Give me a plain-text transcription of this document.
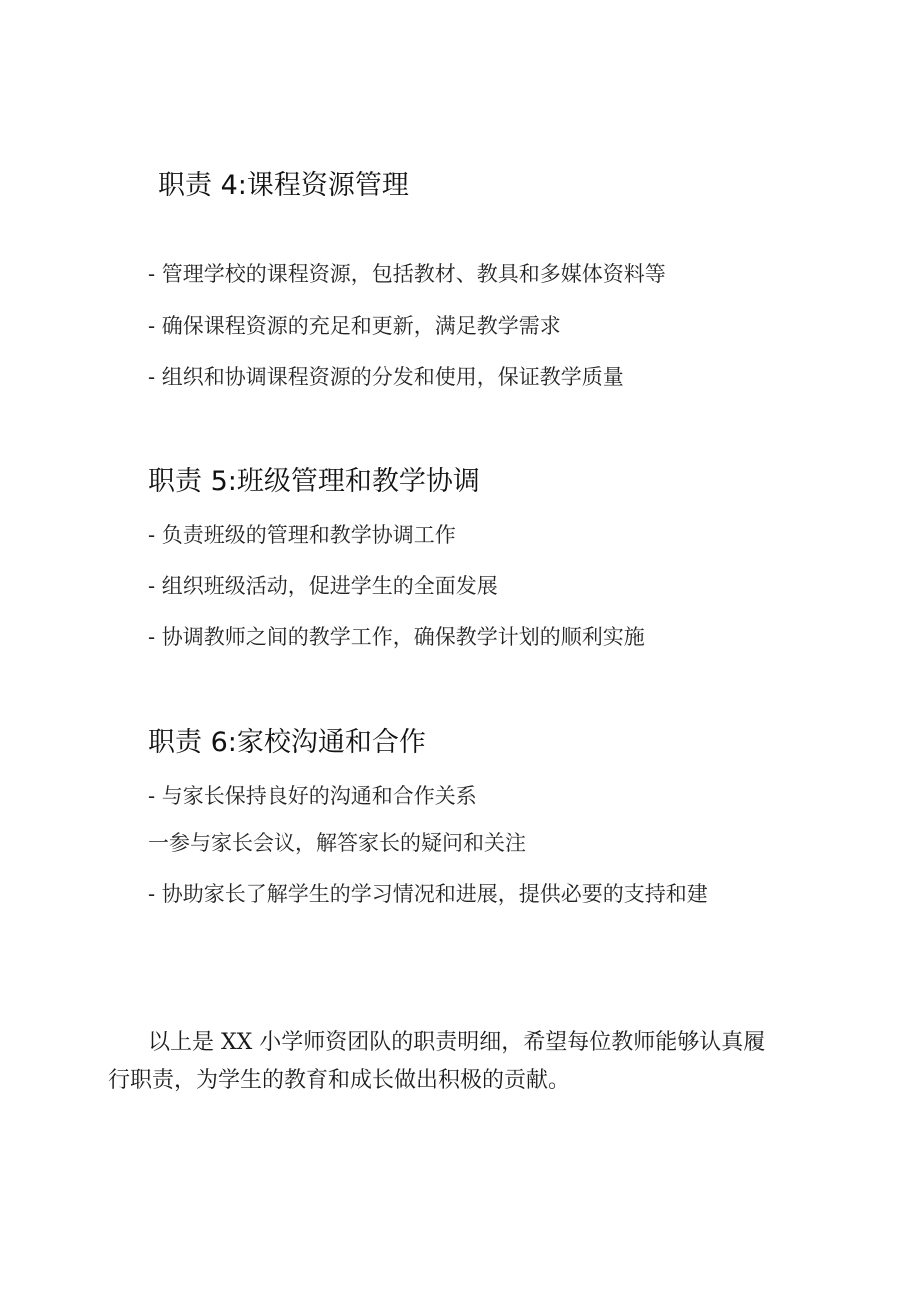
职责 4:课程资源管理
- 管理学校的课程资源，包括教材、教具和多媒体资料等
- 确保课程资源的充足和更新，满足教学需求
- 组织和协调课程资源的分发和使用，保证教学质量
职责 5:班级管理和教学协调
- 负责班级的管理和教学协调工作
- 组织班级活动，促进学生的全面发展
- 协调教师之间的教学工作，确保教学计划的顺利实施
职责 6:家校沟通和合作
- 与家长保持良好的沟通和合作关系
一参与家长会议，解答家长的疑问和关注
- 协助家长了解学生的学习情况和进展，提供必要的支持和建
以上是 XX 小学师资团队的职责明细，希望每位教师能够认真履
行职责，为学生的教育和成长做出积极的贡献。
